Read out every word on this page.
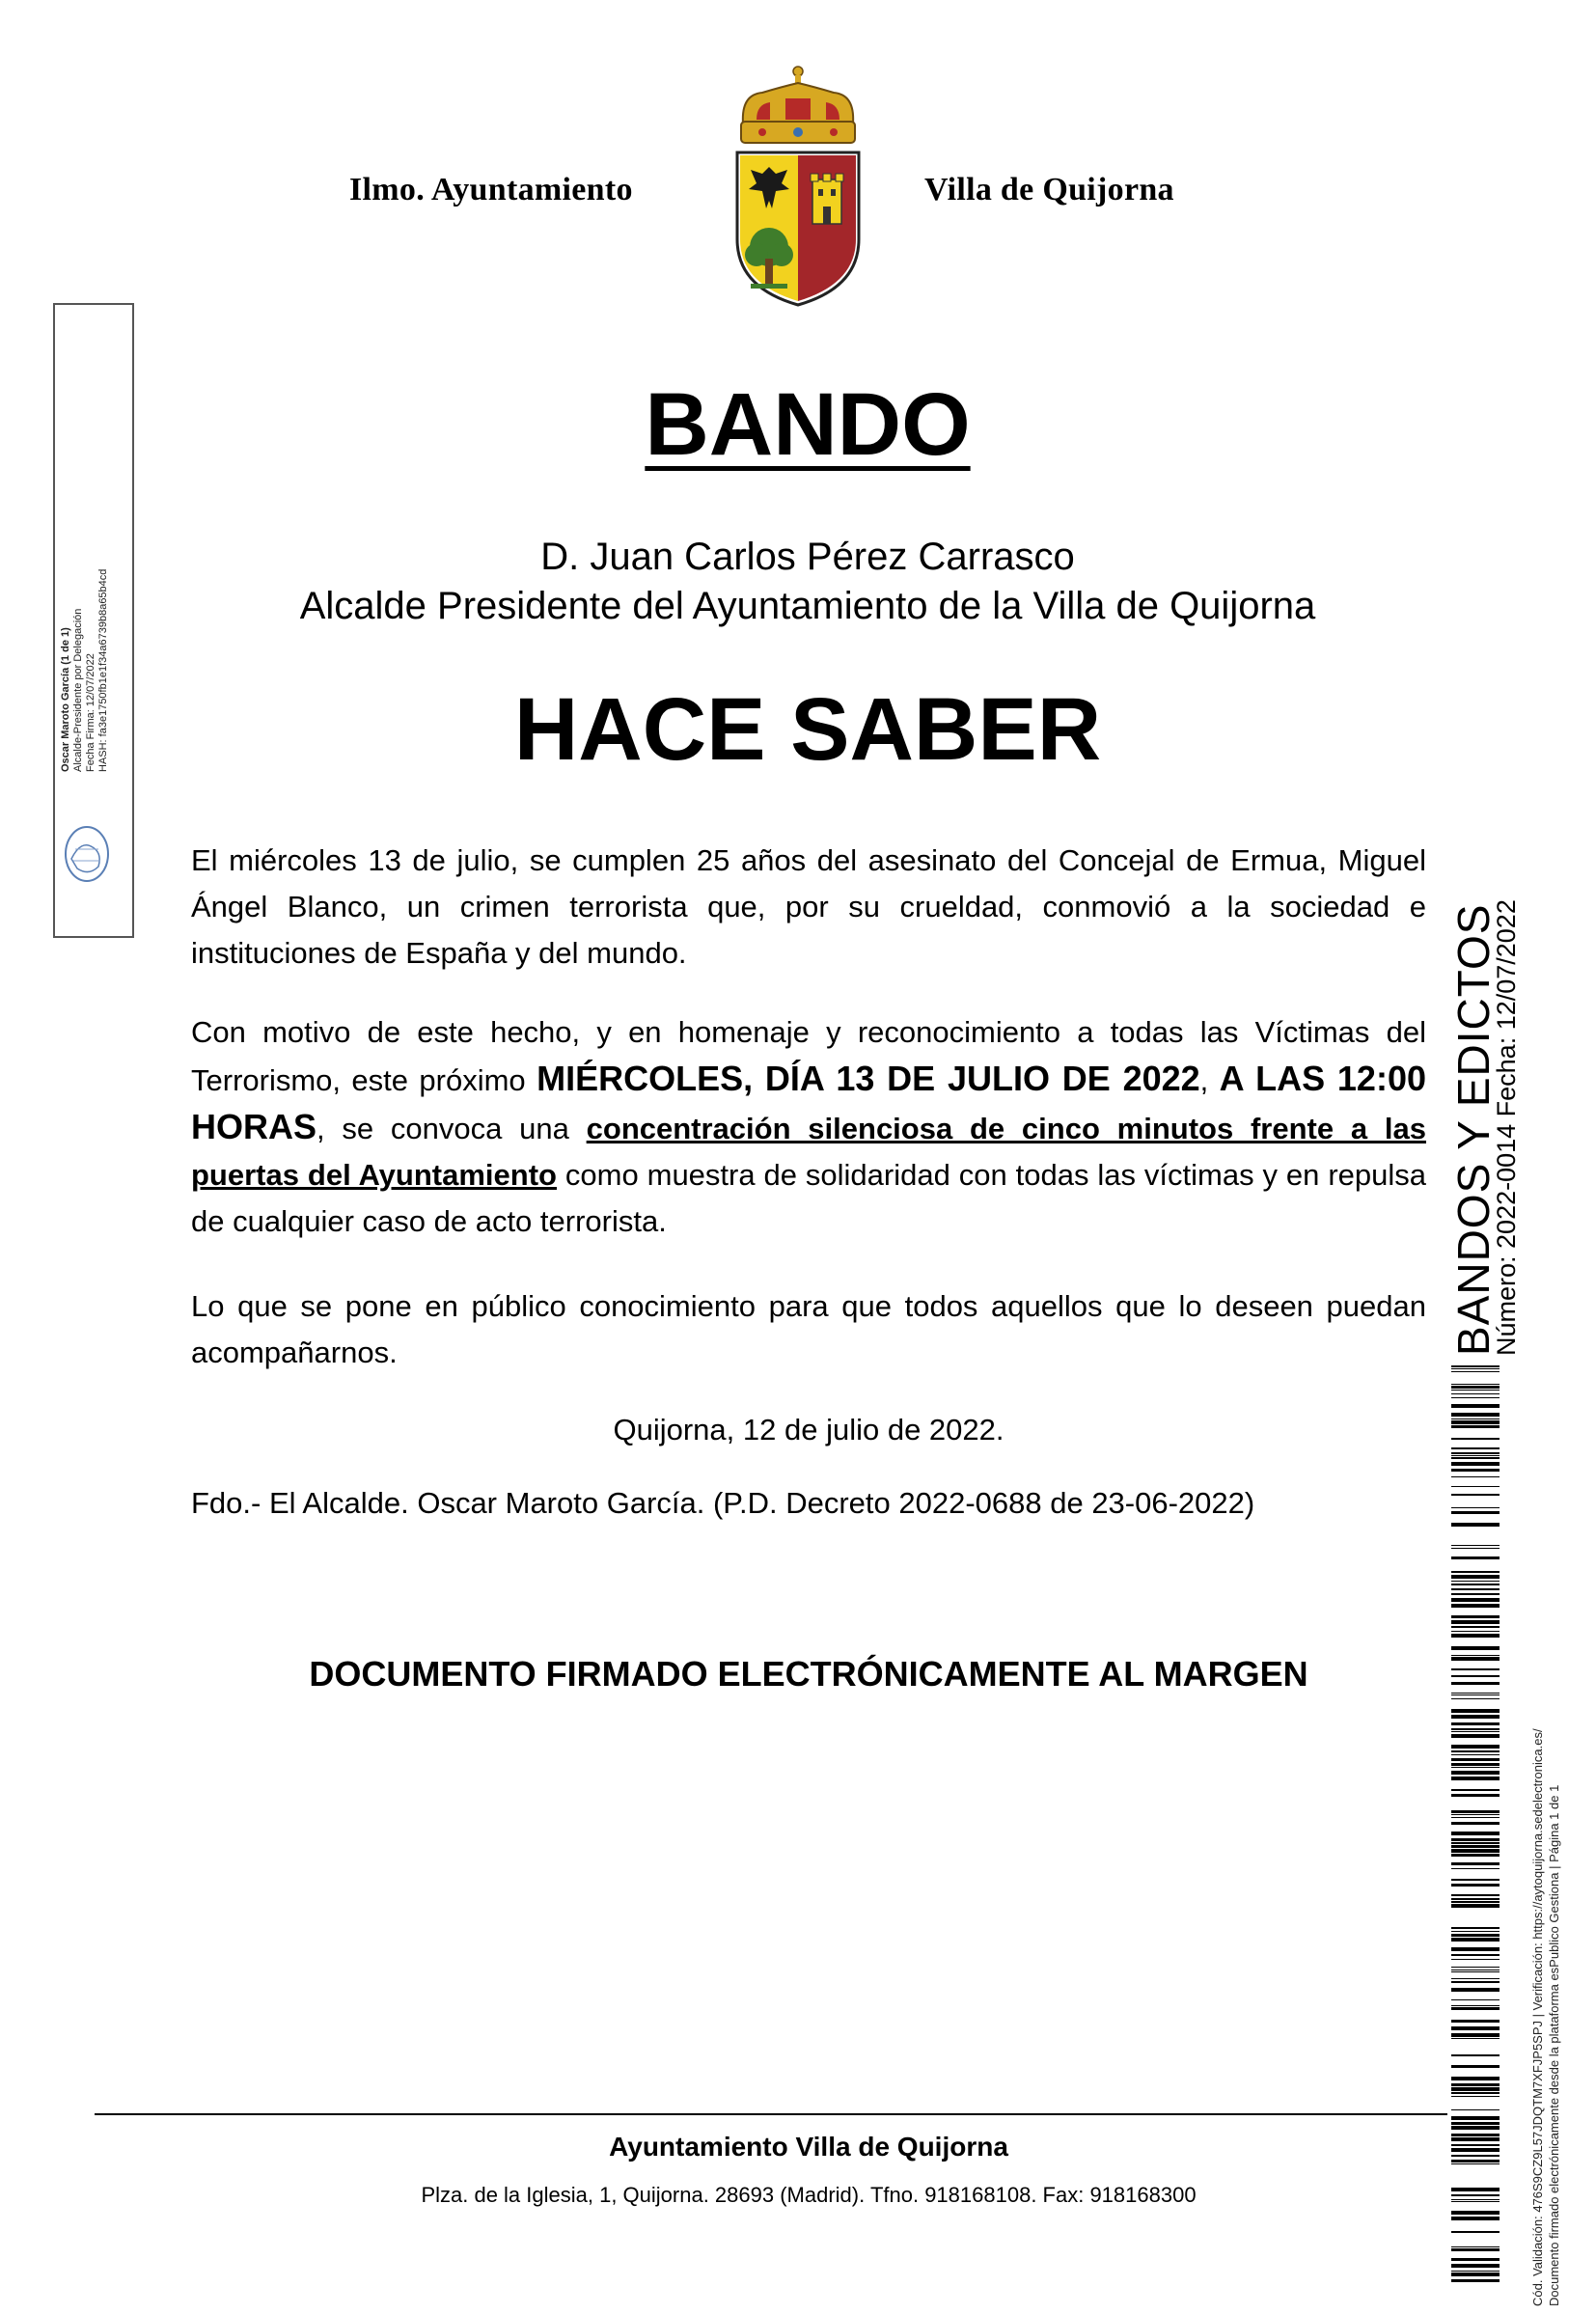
Ilmo. Ayuntamiento	Villa de Quijorna
Oscar Maroto García (1 de 1) Alcalde-Presidente por Delegación Fecha Firma: 12/07/2022 HASH: fa3e1750fb1e1f34a6739b8a65b4cd
BANDO
D. Juan Carlos Pérez Carrasco
Alcalde Presidente del Ayuntamiento de la Villa de Quijorna
HACE SABER
El miércoles 13 de julio, se cumplen 25 años del asesinato del Concejal de Ermua, Miguel Ángel Blanco, un crimen terrorista que, por su crueldad, conmovió a la sociedad e instituciones de España y del mundo.
Con motivo de este hecho, y en homenaje y reconocimiento a todas las Víctimas del Terrorismo, este próximo MIÉRCOLES, DÍA 13 DE JULIO DE 2022, A LAS 12:00 HORAS, se convoca una concentración silenciosa de cinco minutos frente a las puertas del Ayuntamiento como muestra de solidaridad con todas las víctimas y en repulsa de cualquier caso de acto terrorista.
Lo que se pone en público conocimiento para que todos aquellos que lo deseen puedan acompañarnos.
Quijorna, 12 de julio de 2022.
Fdo.- El Alcalde. Oscar Maroto García. (P.D. Decreto 2022-0688 de 23-06-2022)
DOCUMENTO FIRMADO ELECTRÓNICAMENTE AL MARGEN
BANDOS Y EDICTOS
Número: 2022-0014 Fecha: 12/07/2022
Cód. Validación: 476S9CZ9L57JDQTM7XFJP5SPJ | Verificación: https://aytoquijorna.sedelectronica.es/ Documento firmado electrónicamente desde la plataforma esPublico Gestiona | Página 1 de 1
Ayuntamiento Villa de Quijorna
Plza. de la Iglesia, 1, Quijorna. 28693 (Madrid). Tfno. 918168108. Fax: 918168300
